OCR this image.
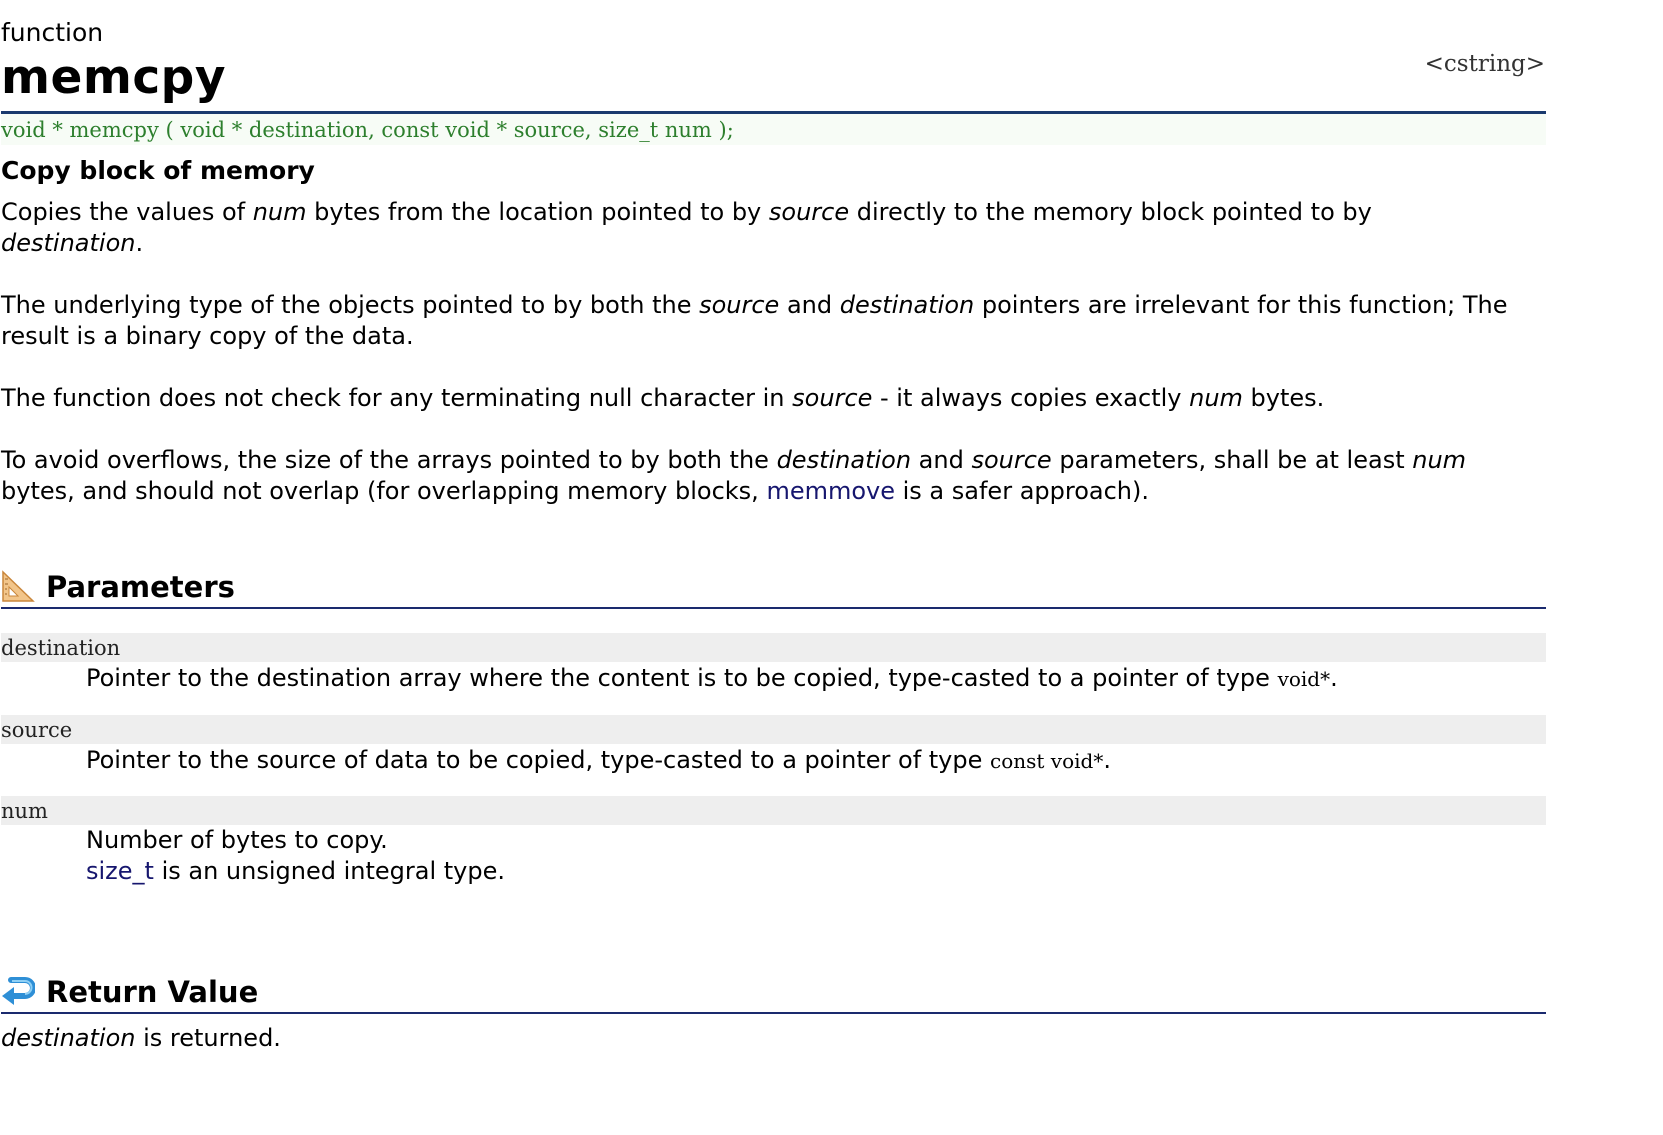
function
memcpy	<cstring>
void * memcpy ( void * destination, const void * source, size_t num );
Copy block of memory

Copies the values of num bytes from the location pointed to by source directly to the memory block pointed to by destination.

The underlying type of the objects pointed to by both the source and destination pointers are irrelevant for this function; The result is a binary copy of the data.

The function does not check for any terminating null character in source - it always copies exactly num bytes.

To avoid overflows, the size of the arrays pointed to by both the destination and source parameters, shall be at least num bytes, and should not overlap (for overlapping memory blocks, memmove is a safer approach).

Parameters
destination
Pointer to the destination array where the content is to be copied, type-casted to a pointer of type void*.
source
Pointer to the source of data to be copied, type-casted to a pointer of type const void*.
num
Number of bytes to copy.
size_t is an unsigned integral type.
Return Value
destination is returned.
